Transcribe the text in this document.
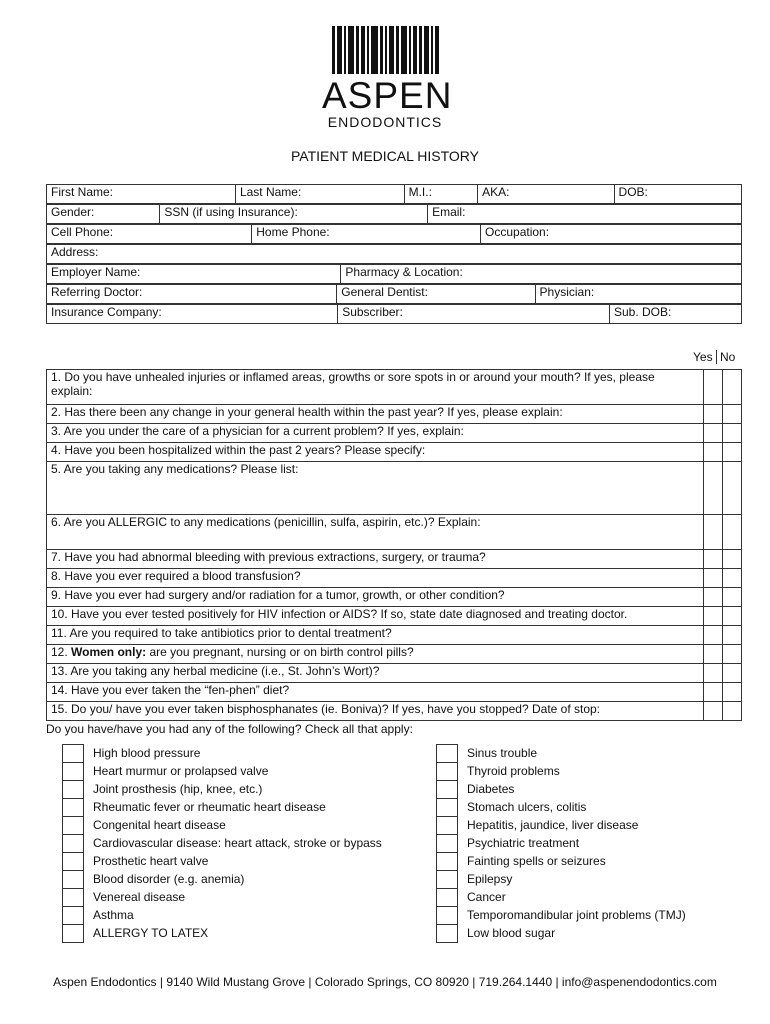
ASPEN
ENDODONTICS
PATIENT MEDICAL HISTORY
First Name:	Last Name:	M.I.:	AKA:	DOB:

Gender:	SSN (if using Insurance):	Email:

Cell Phone:	Home Phone:	Occupation:

Address:

Employer Name:	Pharmacy & Location:

Referring Doctor:	General Dentist:	Physician:

Insurance Company:	Subscriber:	Sub. DOB:
Yes No
1. Do you have unhealed injuries or inflamed areas, growths or sore spots in or around your mouth? If yes, please explain:		
2. Has there been any change in your general health within the past year? If yes, please explain:		
3. Are you under the care of a physician for a current problem? If yes, explain:		
4. Have you been hospitalized within the past 2 years? Please specify:		
5. Are you taking any medications? Please list:		
6. Are you ALLERGIC to any medications (penicillin, sulfa, aspirin, etc.)? Explain:		
7. Have you had abnormal bleeding with previous extractions, surgery, or trauma?		
8. Have you ever required a blood transfusion?		
9. Have you ever had surgery and/or radiation for a tumor, growth, or other condition?		
10. Have you ever tested positively for HIV infection or AIDS? If so, state date diagnosed and treating doctor.		
11. Are you required to take antibiotics prior to dental treatment?		
12. Women only: are you pregnant, nursing or on birth control pills?		
13. Are you taking any herbal medicine (i.e., St. John’s Wort)?		
14. Have you ever taken the “fen-phen” diet?		
15. Do you/ have you ever taken bisphosphanates (ie. Boniva)? If yes, have you stopped? Date of stop:		
Do you have/have you had any of the following? Check all that apply:
High blood pressure
Heart murmur or prolapsed valve
Joint prosthesis (hip, knee, etc.)
Rheumatic fever or rheumatic heart disease
Congenital heart disease
Cardiovascular disease: heart attack, stroke or bypass
Prosthetic heart valve
Blood disorder (e.g. anemia)
Venereal disease
Asthma
ALLERGY TO LATEX
Sinus trouble
Thyroid problems
Diabetes
Stomach ulcers, colitis
Hepatitis, jaundice, liver disease
Psychiatric treatment
Fainting spells or seizures
Epilepsy
Cancer
Temporomandibular joint problems (TMJ)
Low blood sugar
Aspen Endodontics | 9140 Wild Mustang Grove | Colorado Springs, CO 80920 | 719.264.1440 | info@aspenendodontics.com
